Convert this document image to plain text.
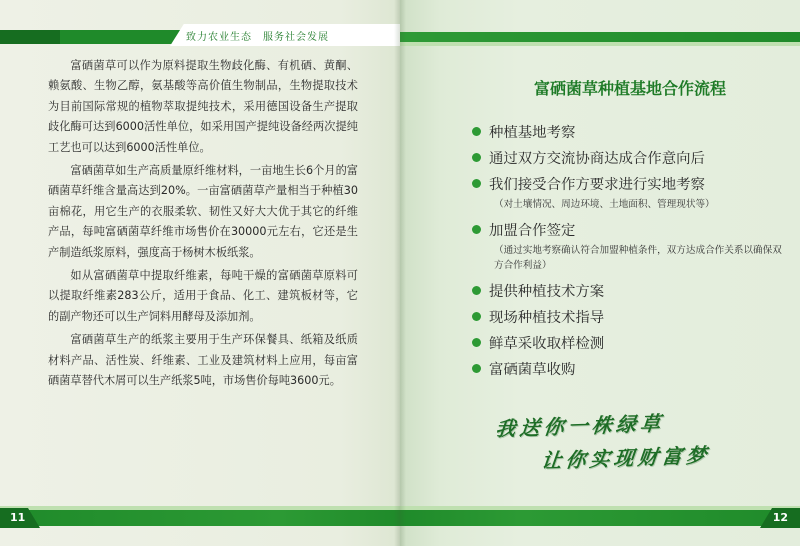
致力农业生态　服务社会发展

富硒菌草可以作为原料提取生物歧化酶、有机硒、黄酮、赖氨酸、生物乙醇，氨基酸等高价值生物制品，生物提取技术为目前国际常规的植物萃取提纯技术，采用德国设备生产提取歧化酶可达到6000活性单位，如采用国产提纯设备经两次提纯工艺也可以达到6000活性单位。

富硒菌草如生产高质量原纤维材料，一亩地生长6个月的富硒菌草纤维含量高达到20%。一亩富硒菌草产量相当于种植30亩棉花，用它生产的衣服柔软、韧性又好大大优于其它的纤维产品，每吨富硒菌草纤维市场售价在30000元左右，它还是生产制造纸浆原料，强度高于杨树木板纸浆。

如从富硒菌草中提取纤维素，每吨干燥的富硒菌草原料可以提取纤维素283公斤，适用于食品、化工、建筑板材等，它的副产物还可以生产饲料用酵母及添加剂。

富硒菌草生产的纸浆主要用于生产环保餐具、纸箱及纸质材料产品、活性炭、纤维素、工业及建筑材料上应用，每亩富硒菌草替代木屑可以生产纸浆5吨，市场售价每吨3600元。

11
富硒菌草种植基地合作流程
种植基地考察
通过双方交流协商达成合作意向后
我们接受合作方要求进行实地考察
（对土壤情况、周边环境、土地面积、管理现状等）
加盟合作签定
（通过实地考察确认符合加盟种植条件，双方达成合作关系以确保双方合作利益）
提供种植技术方案
现场种植技术指导
鲜草采收取样检测
富硒菌草收购
我送你一株绿草
让你实现财富梦
12
